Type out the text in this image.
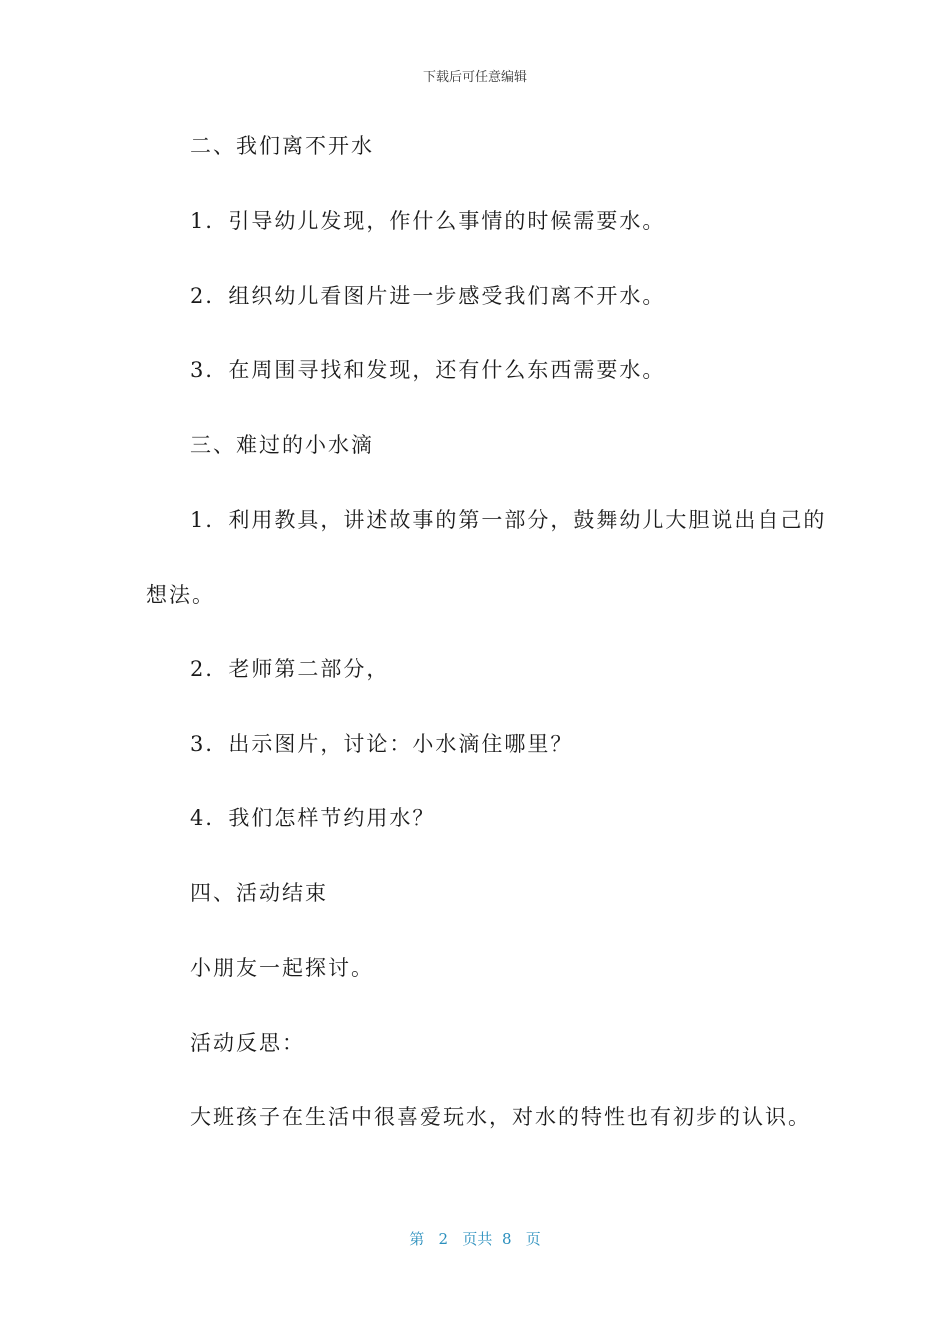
下载后可任意编辑
二、我们离不开水
1．引导幼儿发现，作什么事情的时候需要水。
2．组织幼儿看图片进一步感受我们离不开水。
3．在周围寻找和发现，还有什么东西需要水。
三、难过的小水滴
1．利用教具，讲述故事的第一部分，鼓舞幼儿大胆说出自己的
想法。
2．老师第二部分，
3．出示图片，讨论：小水滴住哪里？
4．我们怎样节约用水？
四、活动结束
小朋友一起探讨。
活动反思：
大班孩子在生活中很喜爱玩水，对水的特性也有初步的认识。
第 2 页共 8 页
